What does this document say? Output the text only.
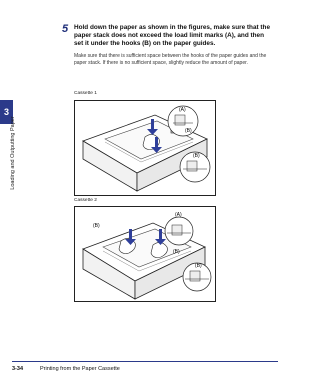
3
Loading and Outputting Paper
5 Hold down the paper as shown in the figures, make sure that the paper stack does not exceed the load limit marks (A), and then set it under the hooks (B) on the paper guides.
Make sure that there is sufficient space between the hooks of the paper guides and the paper stack. If there is no sufficient space, slightly reduce the amount of paper.
Cassette 1
(A)
(B)
(B)
Cassette 2
(B)
(A)
(B)
(B)
3-34	Printing from the Paper Cassette
